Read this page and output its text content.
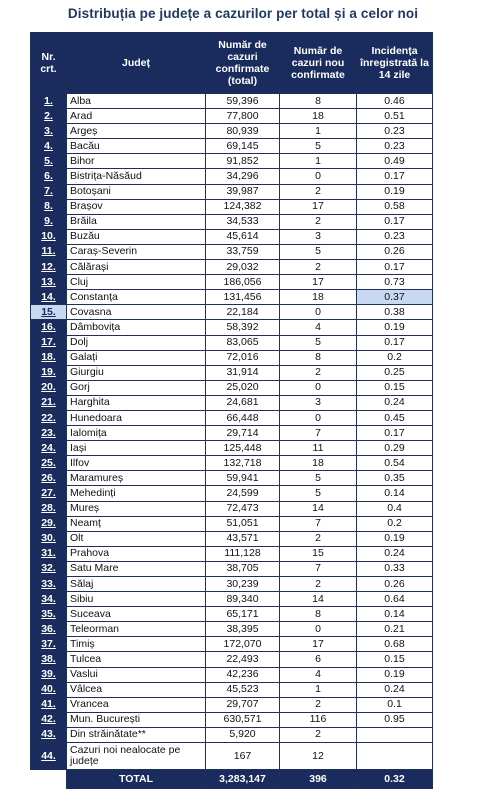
Distribuția pe județe a cazurilor per total și a celor noi
Nr. crt.	Județ	Număr de cazuri confirmate (total)	Număr de cazuri nou confirmate	Incidența înregistrată la 14 zile
1.	Alba	59,396	8	0.46
2.	Arad	77,800	18	0.51
3.	Argeș	80,939	1	0.23
4.	Bacău	69,145	5	0.23
5.	Bihor	91,852	1	0.49
6.	Bistrița-Năsăud	34,296	0	0.17
7.	Botoșani	39,987	2	0.19
8.	Brașov	124,382	17	0.58
9.	Brăila	34,533	2	0.17
10.	Buzău	45,614	3	0.23
11.	Caraș-Severin	33,759	5	0.26
12.	Călărași	29,032	2	0.17
13.	Cluj	186,056	17	0.73
14.	Constanța	131,456	18	0.37
15.	Covasna	22,184	0	0.38
16.	Dâmbovița	58,392	4	0.19
17.	Dolj	83,065	5	0.17
18.	Galați	72,016	8	0.2
19.	Giurgiu	31,914	2	0.25
20.	Gorj	25,020	0	0.15
21.	Harghita	24,681	3	0.24
22.	Hunedoara	66,448	0	0.45
23.	Ialomița	29,714	7	0.17
24.	Iași	125,448	11	0.29
25.	Ilfov	132,718	18	0.54
26.	Maramureș	59,941	5	0.35
27.	Mehedinți	24,599	5	0.14
28.	Mureș	72,473	14	0.4
29.	Neamț	51,051	7	0.2
30.	Olt	43,571	2	0.19
31.	Prahova	111,128	15	0.24
32.	Satu Mare	38,705	7	0.33
33.	Sălaj	30,239	2	0.26
34.	Sibiu	89,340	14	0.64
35.	Suceava	65,171	8	0.14
36.	Teleorman	38,395	0	0.21
37.	Timiș	172,070	17	0.68
38.	Tulcea	22,493	6	0.15
39.	Vaslui	42,236	4	0.19
40.	Vâlcea	45,523	1	0.24
41.	Vrancea	29,707	2	0.1
42.	Mun. București	630,571	116	0.95
43.	Din străinătate**	5,920	2	
44.	Cazuri noi nealocate pe județe	167	12	
	TOTAL	3,283,147	396	0.32
